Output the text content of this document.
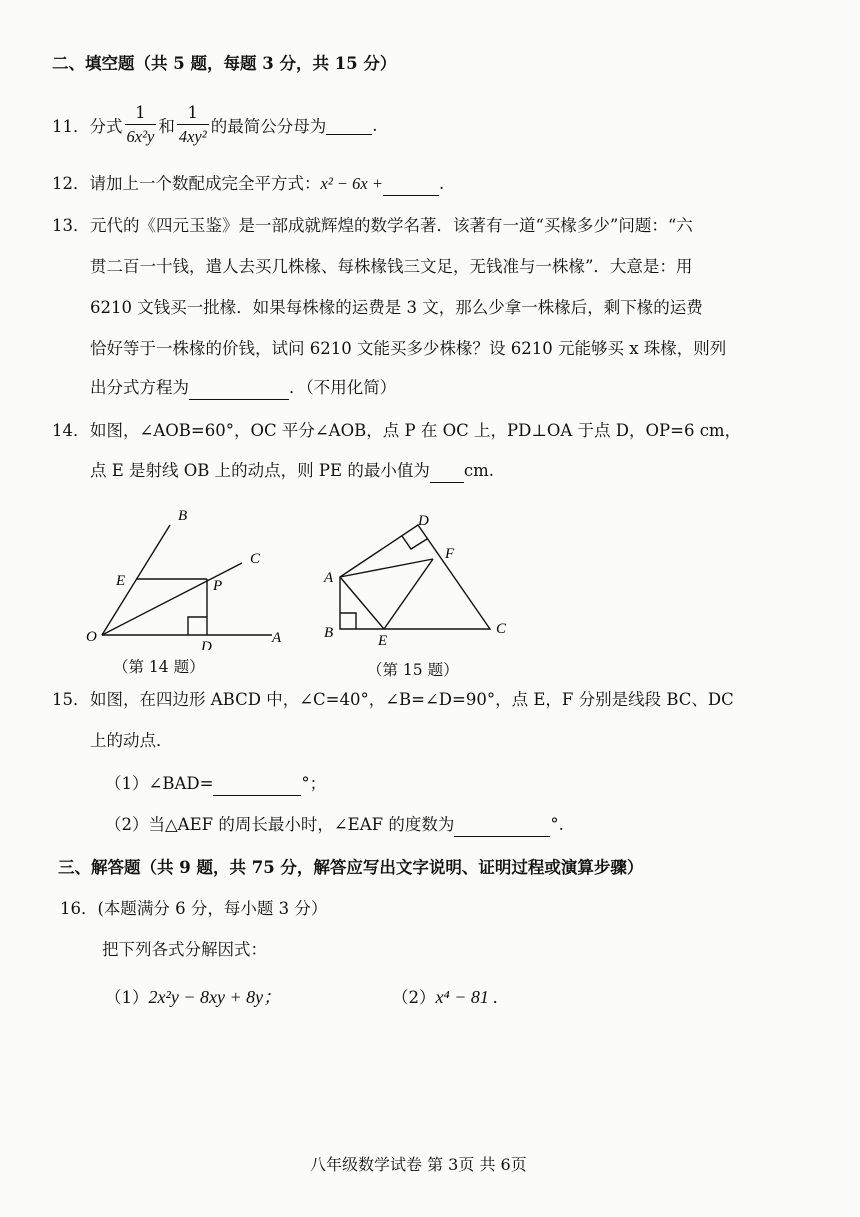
二、填空题（共 5 题，每题 3 分，共 15 分）
11． 分式 $\frac{1}{\text{6x²y}}$ 和 $\frac{1}{\text{4xy²}}$ 的最简公分母为	.
12．请加上一个数配成完全平方式：x² − 6x +	.
13． 元代的《四元玉鉴》是一部成就辉煌的数学名著．该著有一道“买椽多少”问题：“六
贯二百一十钱，遣人去买几株椽、每株椽钱三文足，无钱准与一株椽”．大意是：用
6210 文钱买一批椽．如果每株椽的运费是 3 文，那么少拿一株椽后，剩下椽的运费
恰好等于一株椽的价钱，试问 6210 文能买多少株椽？设 6210 元能够买 x 珠椽，则列
出分式方程为	．（不用化简）
14． 如图，∠AOB=60°，OC 平分∠AOB，点 P 在 OC 上，PD⊥OA 于点 D，OP=6 cm，
点 E 是射线 OB 上的动点，则 PE 的最小值为 cm.
B
C
E	P
O
D
A
（第 14 题）
D
F
A
B	E
C
（第 15 题）
15． 如图，在四边形 ABCD 中，∠C=40°，∠B=∠D=90°，点 E，F 分别是线段 BC、DC
上的动点．
（1）∠BAD=	°；
（2）当△AEF 的周长最小时，∠EAF 的度数为	°.
三、解答题（共 9 题，共 75 分，解答应写出文字说明、证明过程或演算步骤）
16．(本题满分 6 分，每小题 3 分）
把下列各式分解因式：
（1）2x²y − 8xy + 8y；	（2）x⁴ − 81 .
八年级数学试卷 第 3页 共 6页
